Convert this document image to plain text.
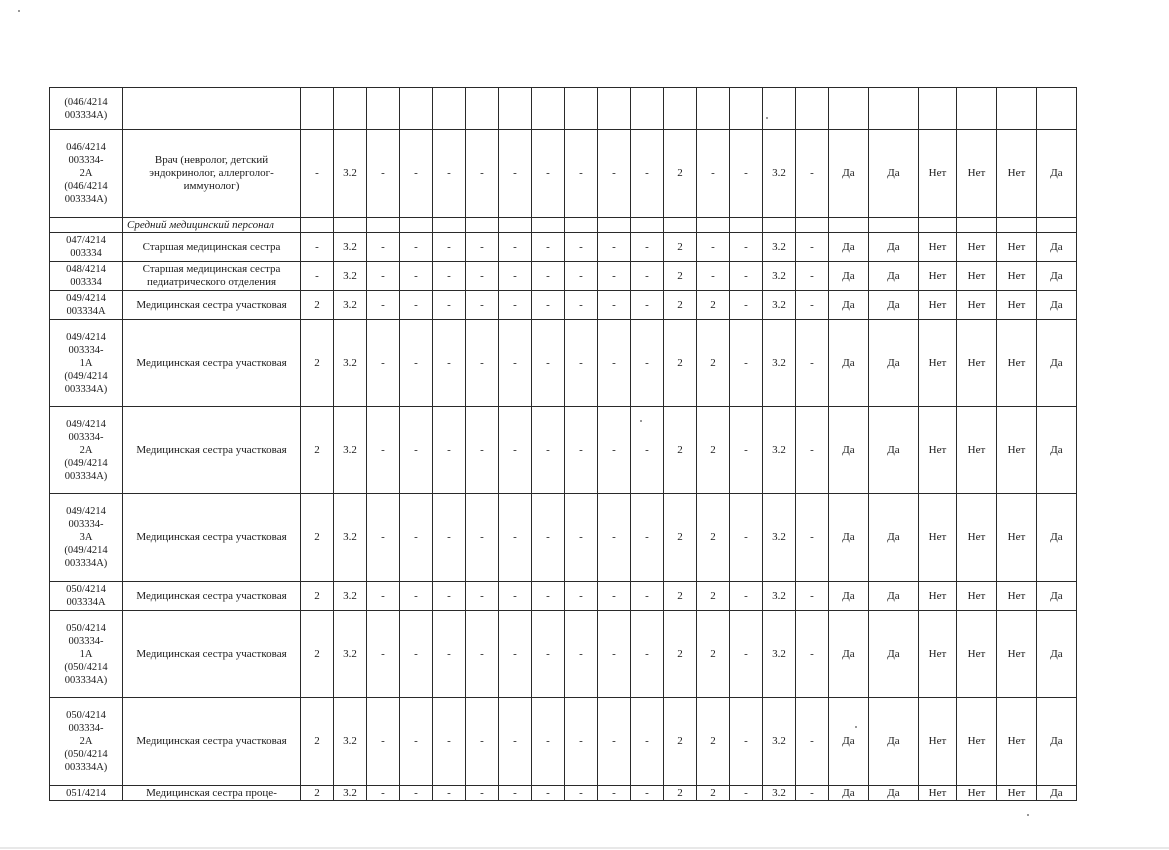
(046/4214
003334А)																							
046/4214
003334-
2А
(046/4214
003334А)	Врач (невролог, детский эндокринолог, аллерголог-иммунолог)	-	3.2	-	-	-	-	-	-	-	-	-	2	-	-	3.2	-	Да	Да	Нет	Нет	Нет	Да
	Средний медицинский персонал																						
047/4214
003334	Старшая медицинская сестра	-	3.2	-	-	-	-	-	-	-	-	-	2	-	-	3.2	-	Да	Да	Нет	Нет	Нет	Да
048/4214
003334	Старшая медицинская сестра педиатрического отделения	-	3.2	-	-	-	-	-	-	-	-	-	2	-	-	3.2	-	Да	Да	Нет	Нет	Нет	Да
049/4214
003334А	Медицинская сестра участковая	2	3.2	-	-	-	-	-	-	-	-	-	2	2	-	3.2	-	Да	Да	Нет	Нет	Нет	Да
049/4214
003334-
1А
(049/4214
003334А)	Медицинская сестра участковая	2	3.2	-	-	-	-	-	-	-	-	-	2	2	-	3.2	-	Да	Да	Нет	Нет	Нет	Да
049/4214
003334-
2А
(049/4214
003334А)	Медицинская сестра участковая	2	3.2	-	-	-	-	-	-	-	-	-	2	2	-	3.2	-	Да	Да	Нет	Нет	Нет	Да
049/4214
003334-
3А
(049/4214
003334А)	Медицинская сестра участковая	2	3.2	-	-	-	-	-	-	-	-	-	2	2	-	3.2	-	Да	Да	Нет	Нет	Нет	Да
050/4214
003334А	Медицинская сестра участковая	2	3.2	-	-	-	-	-	-	-	-	-	2	2	-	3.2	-	Да	Да	Нет	Нет	Нет	Да
050/4214
003334-
1А
(050/4214
003334А)	Медицинская сестра участковая	2	3.2	-	-	-	-	-	-	-	-	-	2	2	-	3.2	-	Да	Да	Нет	Нет	Нет	Да
050/4214
003334-
2А
(050/4214
003334А)	Медицинская сестра участковая	2	3.2	-	-	-	-	-	-	-	-	-	2	2	-	3.2	-	Да	Да	Нет	Нет	Нет	Да
051/4214	Медицинская сестра проце-	2	3.2	-	-	-	-	-	-	-	-	-	2	2	-	3.2	-	Да	Да	Нет	Нет	Нет	Да
